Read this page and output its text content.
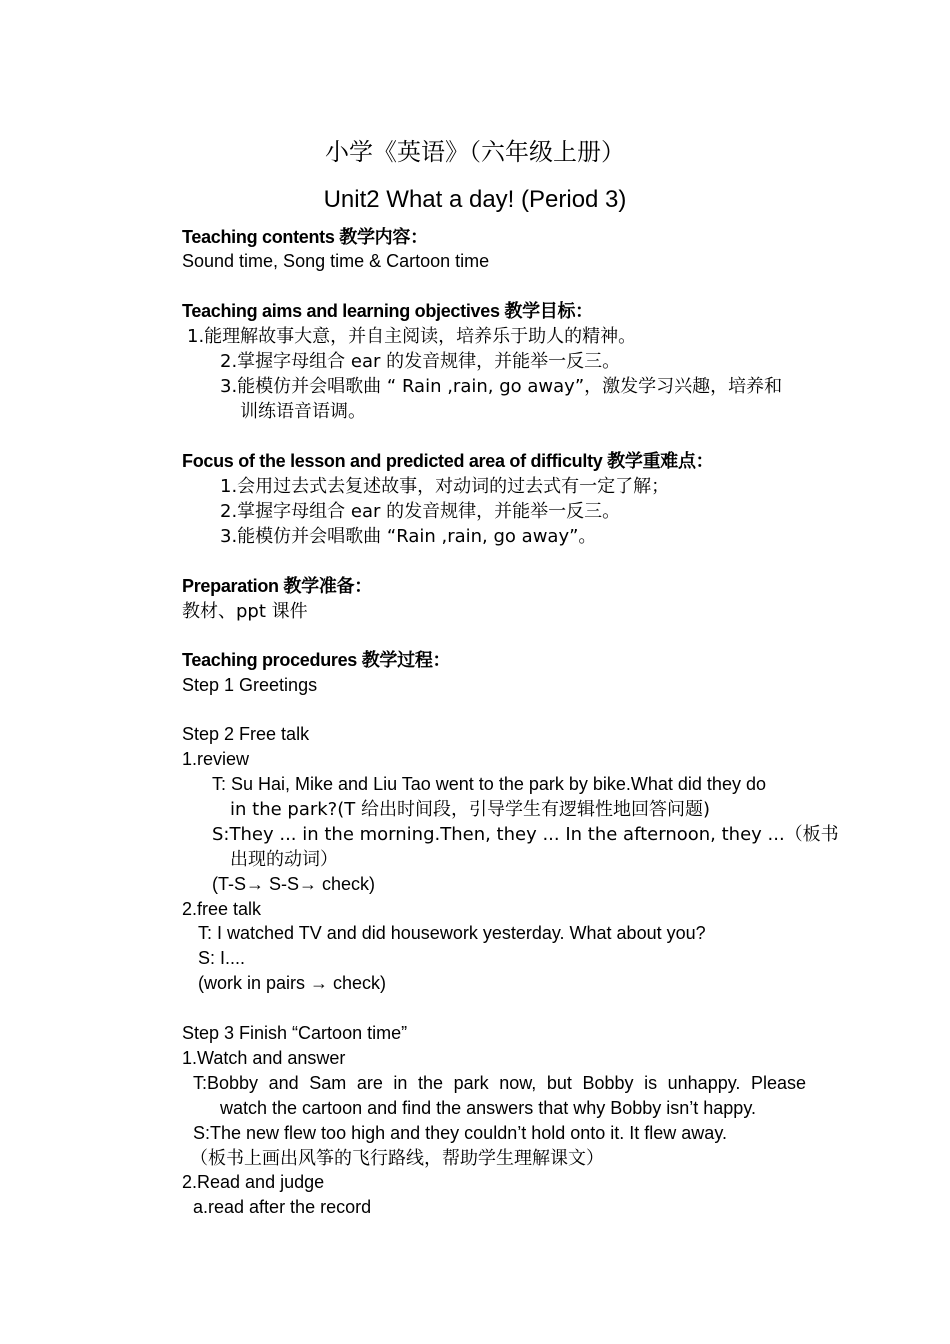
小学《英语》（六年级上册）
Unit2 What a day! (Period 3)
Teaching contents 教学内容：
Sound time, Song time & Cartoon time
Teaching aims and learning objectives 教学目标：
1.能理解故事大意，并自主阅读，培养乐于助人的精神。
2.掌握字母组合 ear 的发音规律，并能举一反三。
3.能模仿并会唱歌曲 “ Rain ,rain, go away”，激发学习兴趣，培养和
训练语音语调。
Focus of the lesson and predicted area of difficulty 教学重难点：
1.会用过去式去复述故事，对动词的过去式有一定了解；
2.掌握字母组合 ear 的发音规律，并能举一反三。
3.能模仿并会唱歌曲 “Rain ,rain, go away”。
Preparation 教学准备：
教材、ppt 课件
Teaching procedures 教学过程：
Step 1 Greetings
Step 2 Free talk
1.review
T: Su Hai, Mike and Liu Tao went to the park by bike.What did they do
in the park?(T 给出时间段，引导学生有逻辑性地回答问题)
S:They ... in the morning.Then, they ... In the afternoon, they ...（板书
出现的动词）
(T-S→ S-S→ check)
2.free talk
T: I watched TV and did housework yesterday. What about you?
S: I....
(work in pairs → check)
Step 3 Finish “Cartoon time”
1.Watch and answer
T:Bobby and Sam are in the park now, but Bobby is unhappy. Please
watch the cartoon and find the answers that why Bobby isn’t happy.
S:The new flew too high and they couldn’t hold onto it. It flew away.
（板书上画出风筝的飞行路线，帮助学生理解课文）
2.Read and judge
a.read after the record
